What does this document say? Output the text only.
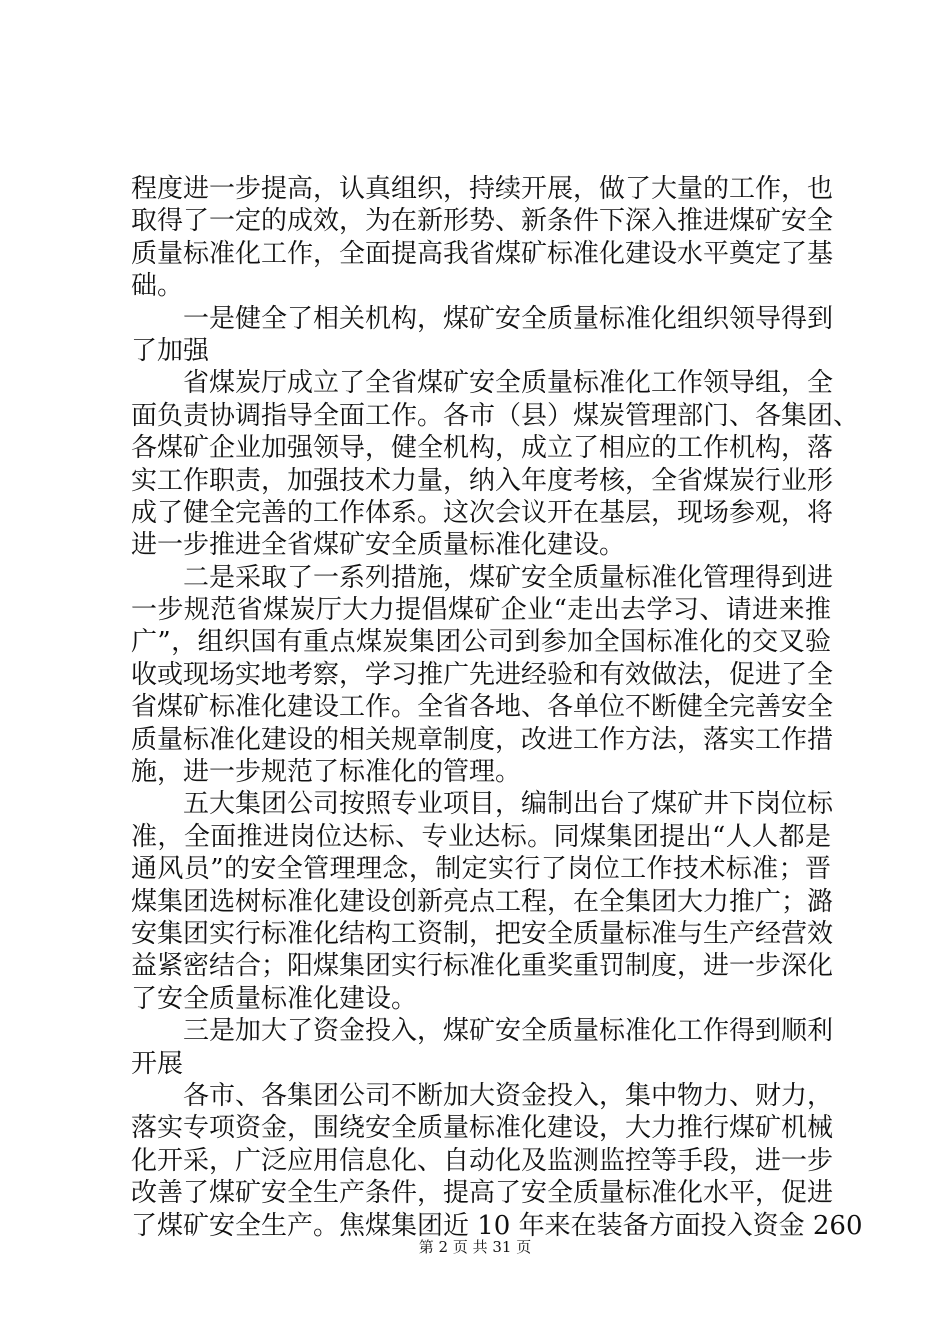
程度进一步提高，认真组织，持续开展，做了大量的工作，也
取得了一定的成效，为在新形势、新条件下深入推进煤矿安全
质量标准化工作，全面提高我省煤矿标准化建设水平奠定了基
础。
一是健全了相关机构，煤矿安全质量标准化组织领导得到
了加强
省煤炭厅成立了全省煤矿安全质量标准化工作领导组，全
面负责协调指导全面工作。各市（县）煤炭管理部门、各集团、
各煤矿企业加强领导，健全机构，成立了相应的工作机构，落
实工作职责，加强技术力量，纳入年度考核，全省煤炭行业形
成了健全完善的工作体系。这次会议开在基层，现场参观，将
进一步推进全省煤矿安全质量标准化建设。
二是采取了一系列措施，煤矿安全质量标准化管理得到进
一步规范省煤炭厅大力提倡煤矿企业“走出去学习、请进来推
广”，组织国有重点煤炭集团公司到参加全国标准化的交叉验
收或现场实地考察，学习推广先进经验和有效做法，促进了全
省煤矿标准化建设工作。全省各地、各单位不断健全完善安全
质量标准化建设的相关规章制度，改进工作方法，落实工作措
施，进一步规范了标准化的管理。
五大集团公司按照专业项目，编制出台了煤矿井下岗位标
准，全面推进岗位达标、专业达标。同煤集团提出“人人都是
通风员”的安全管理理念，制定实行了岗位工作技术标准；晋
煤集团选树标准化建设创新亮点工程，在全集团大力推广；潞
安集团实行标准化结构工资制，把安全质量标准与生产经营效
益紧密结合；阳煤集团实行标准化重奖重罚制度，进一步深化
了安全质量标准化建设。
三是加大了资金投入，煤矿安全质量标准化工作得到顺利
开展
各市、各集团公司不断加大资金投入，集中物力、财力，
落实专项资金，围绕安全质量标准化建设，大力推行煤矿机械
化开采，广泛应用信息化、自动化及监测监控等手段，进一步
改善了煤矿安全生产条件，提高了安全质量标准化水平，促进
了煤矿安全生产。焦煤集团近 10 年来在装备方面投入资金 260
第 2 页 共 31 页
